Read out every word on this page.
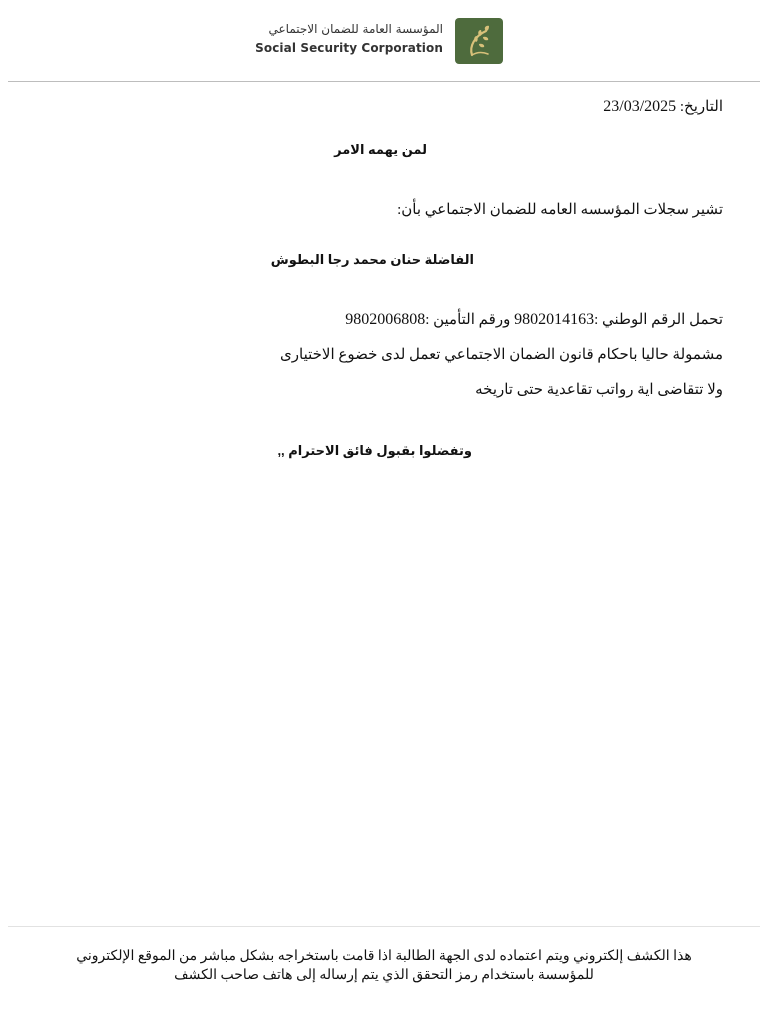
المؤسسة العامة للضمان الاجتماعي
Social Security Corporation
التاريخ: 23/03/2025
لمن يهمه الامر
تشير سجلات المؤسسه العامه للضمان الاجتماعي بأن:
الفاضلة حنان محمد رجا البطوش
تحمل الرقم الوطني :9802014163 ورقم التأمين :9802006808
مشمولة حاليا باحكام قانون الضمان الاجتماعي تعمل لدى خضوع الاختيارى
ولا تتقاضى اية رواتب تقاعدية حتى تاريخه
وتفضلوا بقبول فائق الاحترام ,,
هذا الكشف إلكتروني ويتم اعتماده لدى الجهة الطالبة اذا قامت باستخراجه بشكل مباشر من الموقع الإلكتروني
للمؤسسة باستخدام رمز التحقق الذي يتم إرساله إلى هاتف صاحب الكشف
